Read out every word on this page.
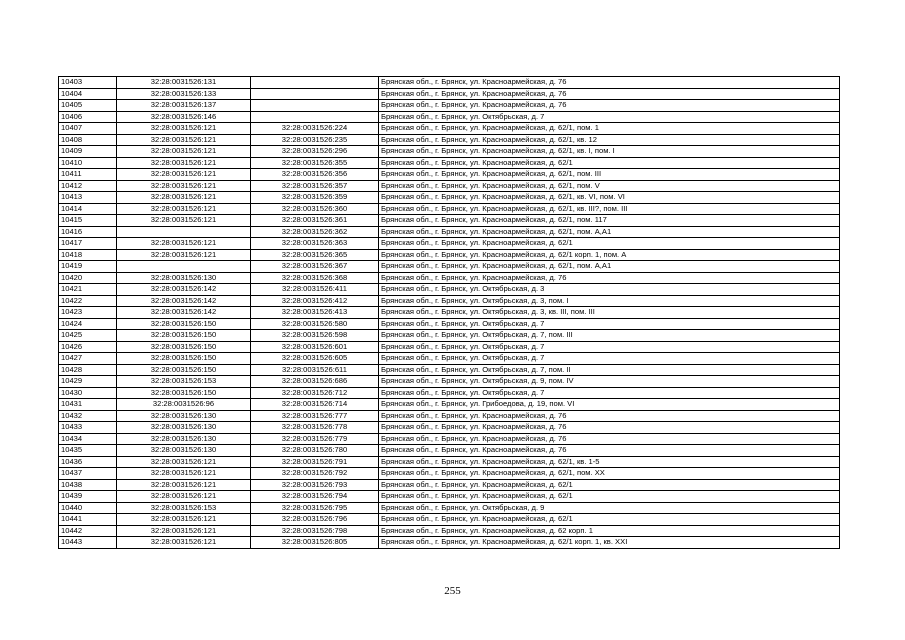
10403	32:28:0031526:131		Брянская обл., г. Брянск, ул. Красноармейская, д. 76
10404	32:28:0031526:133		Брянская обл., г. Брянск, ул. Красноармейская, д. 76
10405	32:28:0031526:137		Брянская обл., г. Брянск, ул. Красноармейская, д. 76
10406	32:28:0031526:146		Брянская обл., г. Брянск, ул. Октябрьская, д. 7
10407	32:28:0031526:121	32:28:0031526:224	Брянская обл., г. Брянск, ул. Красноармейская, д. 62/1, пом. 1
10408	32:28:0031526:121	32:28:0031526:235	Брянская обл., г. Брянск, ул. Красноармейская, д. 62/1, кв. 12
10409	32:28:0031526:121	32:28:0031526:296	Брянская обл., г. Брянск, ул. Красноармейская, д. 62/1, кв. I, пом. I
10410	32:28:0031526:121	32:28:0031526:355	Брянская обл., г. Брянск, ул. Красноармейская, д. 62/1
10411	32:28:0031526:121	32:28:0031526:356	Брянская обл., г. Брянск, ул. Красноармейская, д. 62/1, пом. III
10412	32:28:0031526:121	32:28:0031526:357	Брянская обл., г. Брянск, ул. Красноармейская, д. 62/1, пом. V
10413	32:28:0031526:121	32:28:0031526:359	Брянская обл., г. Брянск, ул. Красноармейская, д. 62/1, кв. VI, пом. VI
10414	32:28:0031526:121	32:28:0031526:360	Брянская обл., г. Брянск, ул. Красноармейская, д. 62/1, кв. III?, пом. III
10415	32:28:0031526:121	32:28:0031526:361	Брянская обл., г. Брянск, ул. Красноармейская, д. 62/1, пом. 117
10416		32:28:0031526:362	Брянская обл., г. Брянск, ул. Красноармейская, д. 62/1, пом. А,А1
10417	32:28:0031526:121	32:28:0031526:363	Брянская обл., г. Брянск, ул. Красноармейская, д. 62/1
10418	32:28:0031526:121	32:28:0031526:365	Брянская обл., г. Брянск, ул. Красноармейская, д. 62/1 корп. 1, пом. А
10419		32:28:0031526:367	Брянская обл., г. Брянск, ул. Красноармейская, д. 62/1, пом. А,А1
10420	32:28:0031526:130	32:28:0031526:368	Брянская обл., г. Брянск, ул. Красноармейская, д. 76
10421	32:28:0031526:142	32:28:0031526:411	Брянская обл., г. Брянск, ул. Октябрьская, д. 3
10422	32:28:0031526:142	32:28:0031526:412	Брянская обл., г. Брянск, ул. Октябрьская, д. 3, пом. I
10423	32:28:0031526:142	32:28:0031526:413	Брянская обл., г. Брянск, ул. Октябрьская, д. 3, кв. III, пом. III
10424	32:28:0031526:150	32:28:0031526:580	Брянская обл., г. Брянск, ул. Октябрьская, д. 7
10425	32:28:0031526:150	32:28:0031526:598	Брянская обл., г. Брянск, ул. Октябрьская, д. 7, пом. III
10426	32:28:0031526:150	32:28:0031526:601	Брянская обл., г. Брянск, ул. Октябрьская, д. 7
10427	32:28:0031526:150	32:28:0031526:605	Брянская обл., г. Брянск, ул. Октябрьская, д. 7
10428	32:28:0031526:150	32:28:0031526:611	Брянская обл., г. Брянск, ул. Октябрьская, д. 7, пом. II
10429	32:28:0031526:153	32:28:0031526:686	Брянская обл., г. Брянск, ул. Октябрьская, д. 9, пом. IV
10430	32:28:0031526:150	32:28:0031526:712	Брянская обл., г. Брянск, ул. Октябрьская, д. 7
10431	32:28:0031526:96	32:28:0031526:714	Брянская обл., г. Брянск, ул. Грибоедова, д. 19, пом. VI
10432	32:28:0031526:130	32:28:0031526:777	Брянская обл., г. Брянск, ул. Красноармейская, д. 76
10433	32:28:0031526:130	32:28:0031526:778	Брянская обл., г. Брянск, ул. Красноармейская, д. 76
10434	32:28:0031526:130	32:28:0031526:779	Брянская обл., г. Брянск, ул. Красноармейская, д. 76
10435	32:28:0031526:130	32:28:0031526:780	Брянская обл., г. Брянск, ул. Красноармейская, д. 76
10436	32:28:0031526:121	32:28:0031526:791	Брянская обл., г. Брянск, ул. Красноармейская, д. 62/1, кв. 1-5
10437	32:28:0031526:121	32:28:0031526:792	Брянская обл., г. Брянск, ул. Красноармейская, д. 62/1, пом. XX
10438	32:28:0031526:121	32:28:0031526:793	Брянская обл., г. Брянск, ул. Красноармейская, д. 62/1
10439	32:28:0031526:121	32:28:0031526:794	Брянская обл., г. Брянск, ул. Красноармейская, д. 62/1
10440	32:28:0031526:153	32:28:0031526:795	Брянская обл., г. Брянск, ул. Октябрьская, д. 9
10441	32:28:0031526:121	32:28:0031526:796	Брянская обл., г. Брянск, ул. Красноармейская, д. 62/1
10442	32:28:0031526:121	32:28:0031526:798	Брянская обл., г. Брянск, ул. Красноармейская, д. 62 корп. 1
10443	32:28:0031526:121	32:28:0031526:805	Брянская обл., г. Брянск, ул. Красноармейская, д. 62/1 корп. 1, кв. XXI
255
